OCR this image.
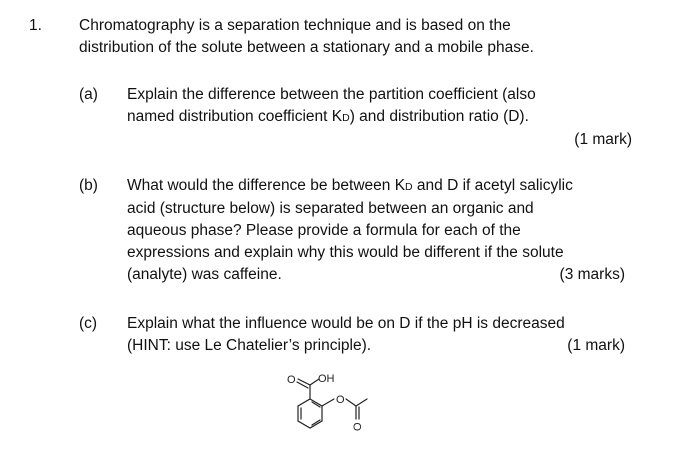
1. Chromatography is a separation technique and is based on the
distribution of the solute between a stationary and a mobile phase.
(a) Explain the difference between the partition coefficient (also
named distribution coefficient KD) and distribution ratio (D).
(1 mark)
(b) What would the difference be between KD and D if acetyl salicylic
acid (structure below) is separated between an organic and
aqueous phase? Please provide a formula for each of the
expressions and explain why this would be different if the solute
(analyte) was caffeine.	(3 marks)
(c) Explain what the influence would be on D if the pH is decreased
(HINT: use Le Chatelier’s principle).	(1 mark)
O OH
O
O
